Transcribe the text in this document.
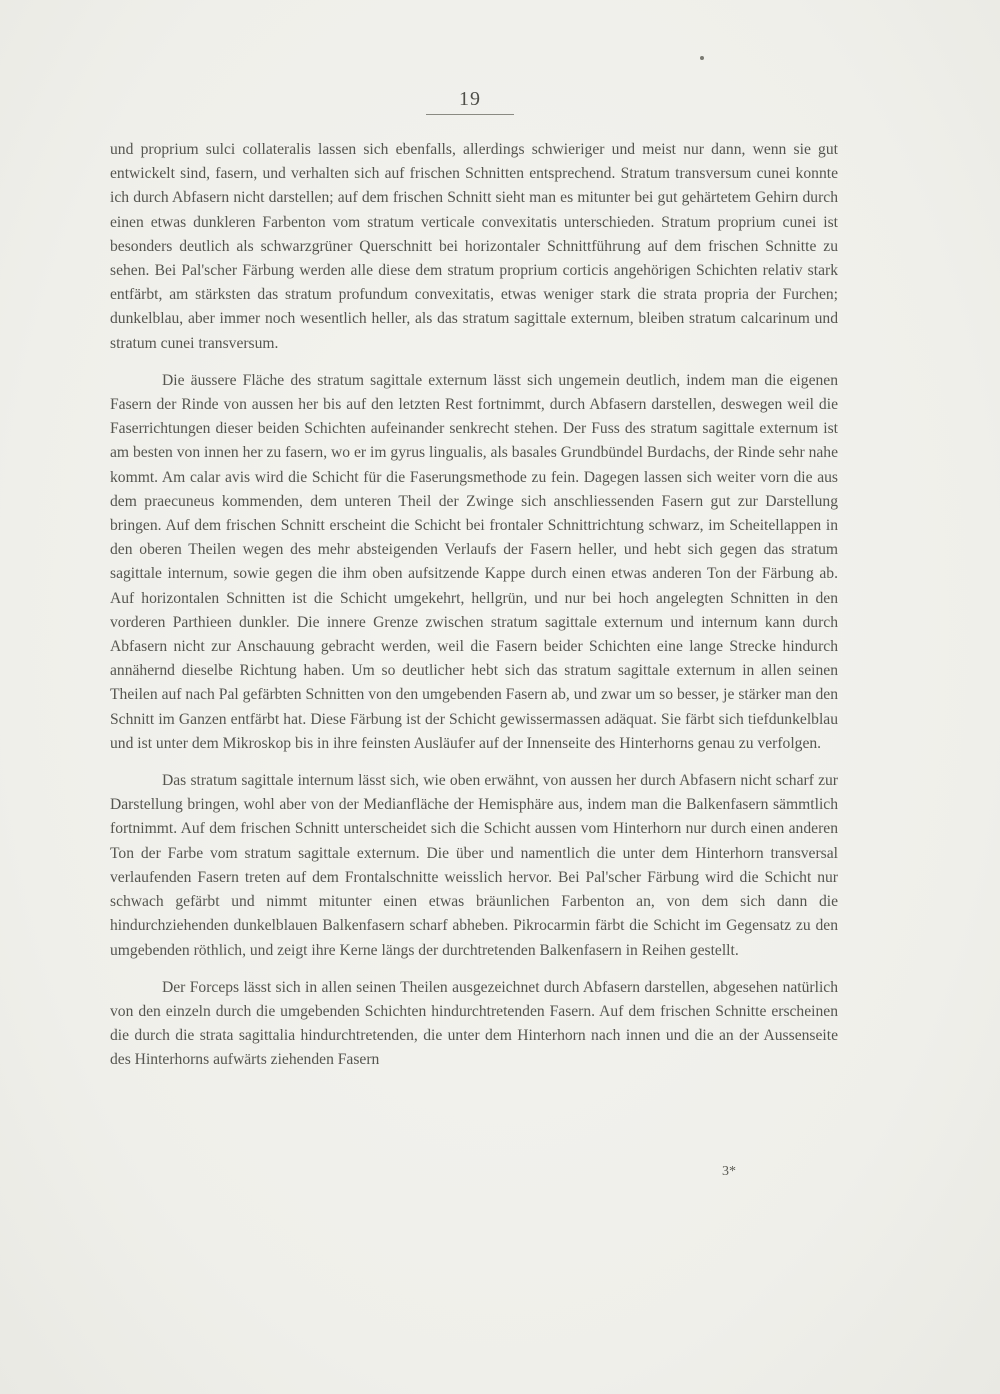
19

und proprium sulci collateralis lassen sich ebenfalls, allerdings schwieriger und meist nur dann, wenn sie gut entwickelt sind, fasern, und verhalten sich auf frischen Schnitten entsprechend. Stratum transversum cunei konnte ich durch Abfasern nicht darstellen; auf dem frischen Schnitt sieht man es mitunter bei gut gehärtetem Gehirn durch einen etwas dunkleren Farbenton vom stratum verticale convexitatis unterschieden. Stratum proprium cunei ist besonders deutlich als schwarzgrüner Querschnitt bei horizontaler Schnittführung auf dem frischen Schnitte zu sehen. Bei Pal'scher Färbung werden alle diese dem stratum proprium corticis angehörigen Schichten relativ stark entfärbt, am stärksten das stratum profundum convexitatis, etwas weniger stark die strata propria der Furchen; dunkelblau, aber immer noch wesentlich heller, als das stratum sagittale externum, bleiben stratum calcarinum und stratum cunei transversum.

Die äussere Fläche des stratum sagittale externum lässt sich ungemein deutlich, indem man die eigenen Fasern der Rinde von aussen her bis auf den letzten Rest fortnimmt, durch Abfasern darstellen, deswegen weil die Faserrichtungen dieser beiden Schichten aufeinander senkrecht stehen. Der Fuss des stratum sagittale externum ist am besten von innen her zu fasern, wo er im gyrus lingualis, als basales Grundbündel Burdachs, der Rinde sehr nahe kommt. Am calar avis wird die Schicht für die Faserungsmethode zu fein. Dagegen lassen sich weiter vorn die aus dem praecuneus kommenden, dem unteren Theil der Zwinge sich anschliessenden Fasern gut zur Darstellung bringen. Auf dem frischen Schnitt erscheint die Schicht bei frontaler Schnittrichtung schwarz, im Scheitellappen in den oberen Theilen wegen des mehr absteigenden Verlaufs der Fasern heller, und hebt sich gegen das stratum sagittale internum, sowie gegen die ihm oben aufsitzende Kappe durch einen etwas anderen Ton der Färbung ab. Auf horizontalen Schnitten ist die Schicht umgekehrt, hellgrün, und nur bei hoch angelegten Schnitten in den vorderen Parthieen dunkler. Die innere Grenze zwischen stratum sagittale externum und internum kann durch Abfasern nicht zur Anschauung gebracht werden, weil die Fasern beider Schichten eine lange Strecke hindurch annähernd dieselbe Richtung haben. Um so deutlicher hebt sich das stratum sagittale externum in allen seinen Theilen auf nach Pal gefärbten Schnitten von den umgebenden Fasern ab, und zwar um so besser, je stärker man den Schnitt im Ganzen entfärbt hat. Diese Färbung ist der Schicht gewissermassen adäquat. Sie färbt sich tiefdunkelblau und ist unter dem Mikroskop bis in ihre feinsten Ausläufer auf der Innenseite des Hinterhorns genau zu verfolgen.

Das stratum sagittale internum lässt sich, wie oben erwähnt, von aussen her durch Abfasern nicht scharf zur Darstellung bringen, wohl aber von der Medianfläche der Hemisphäre aus, indem man die Balkenfasern sämmtlich fortnimmt. Auf dem frischen Schnitt unterscheidet sich die Schicht aussen vom Hinterhorn nur durch einen anderen Ton der Farbe vom stratum sagittale externum. Die über und namentlich die unter dem Hinterhorn transversal verlaufenden Fasern treten auf dem Frontalschnitte weisslich hervor. Bei Pal'scher Färbung wird die Schicht nur schwach gefärbt und nimmt mitunter einen etwas bräunlichen Farbenton an, von dem sich dann die hindurchziehenden dunkelblauen Balkenfasern scharf abheben. Pikrocarmin färbt die Schicht im Gegensatz zu den umgebenden röthlich, und zeigt ihre Kerne längs der durchtretenden Balkenfasern in Reihen gestellt.

Der Forceps lässt sich in allen seinen Theilen ausgezeichnet durch Abfasern darstellen, abgesehen natürlich von den einzeln durch die umgebenden Schichten hindurchtretenden Fasern. Auf dem frischen Schnitte erscheinen die durch die strata sagittalia hindurchtretenden, die unter dem Hinterhorn nach innen und die an der Aussenseite des Hinterhorns aufwärts ziehenden Fasern

3*
